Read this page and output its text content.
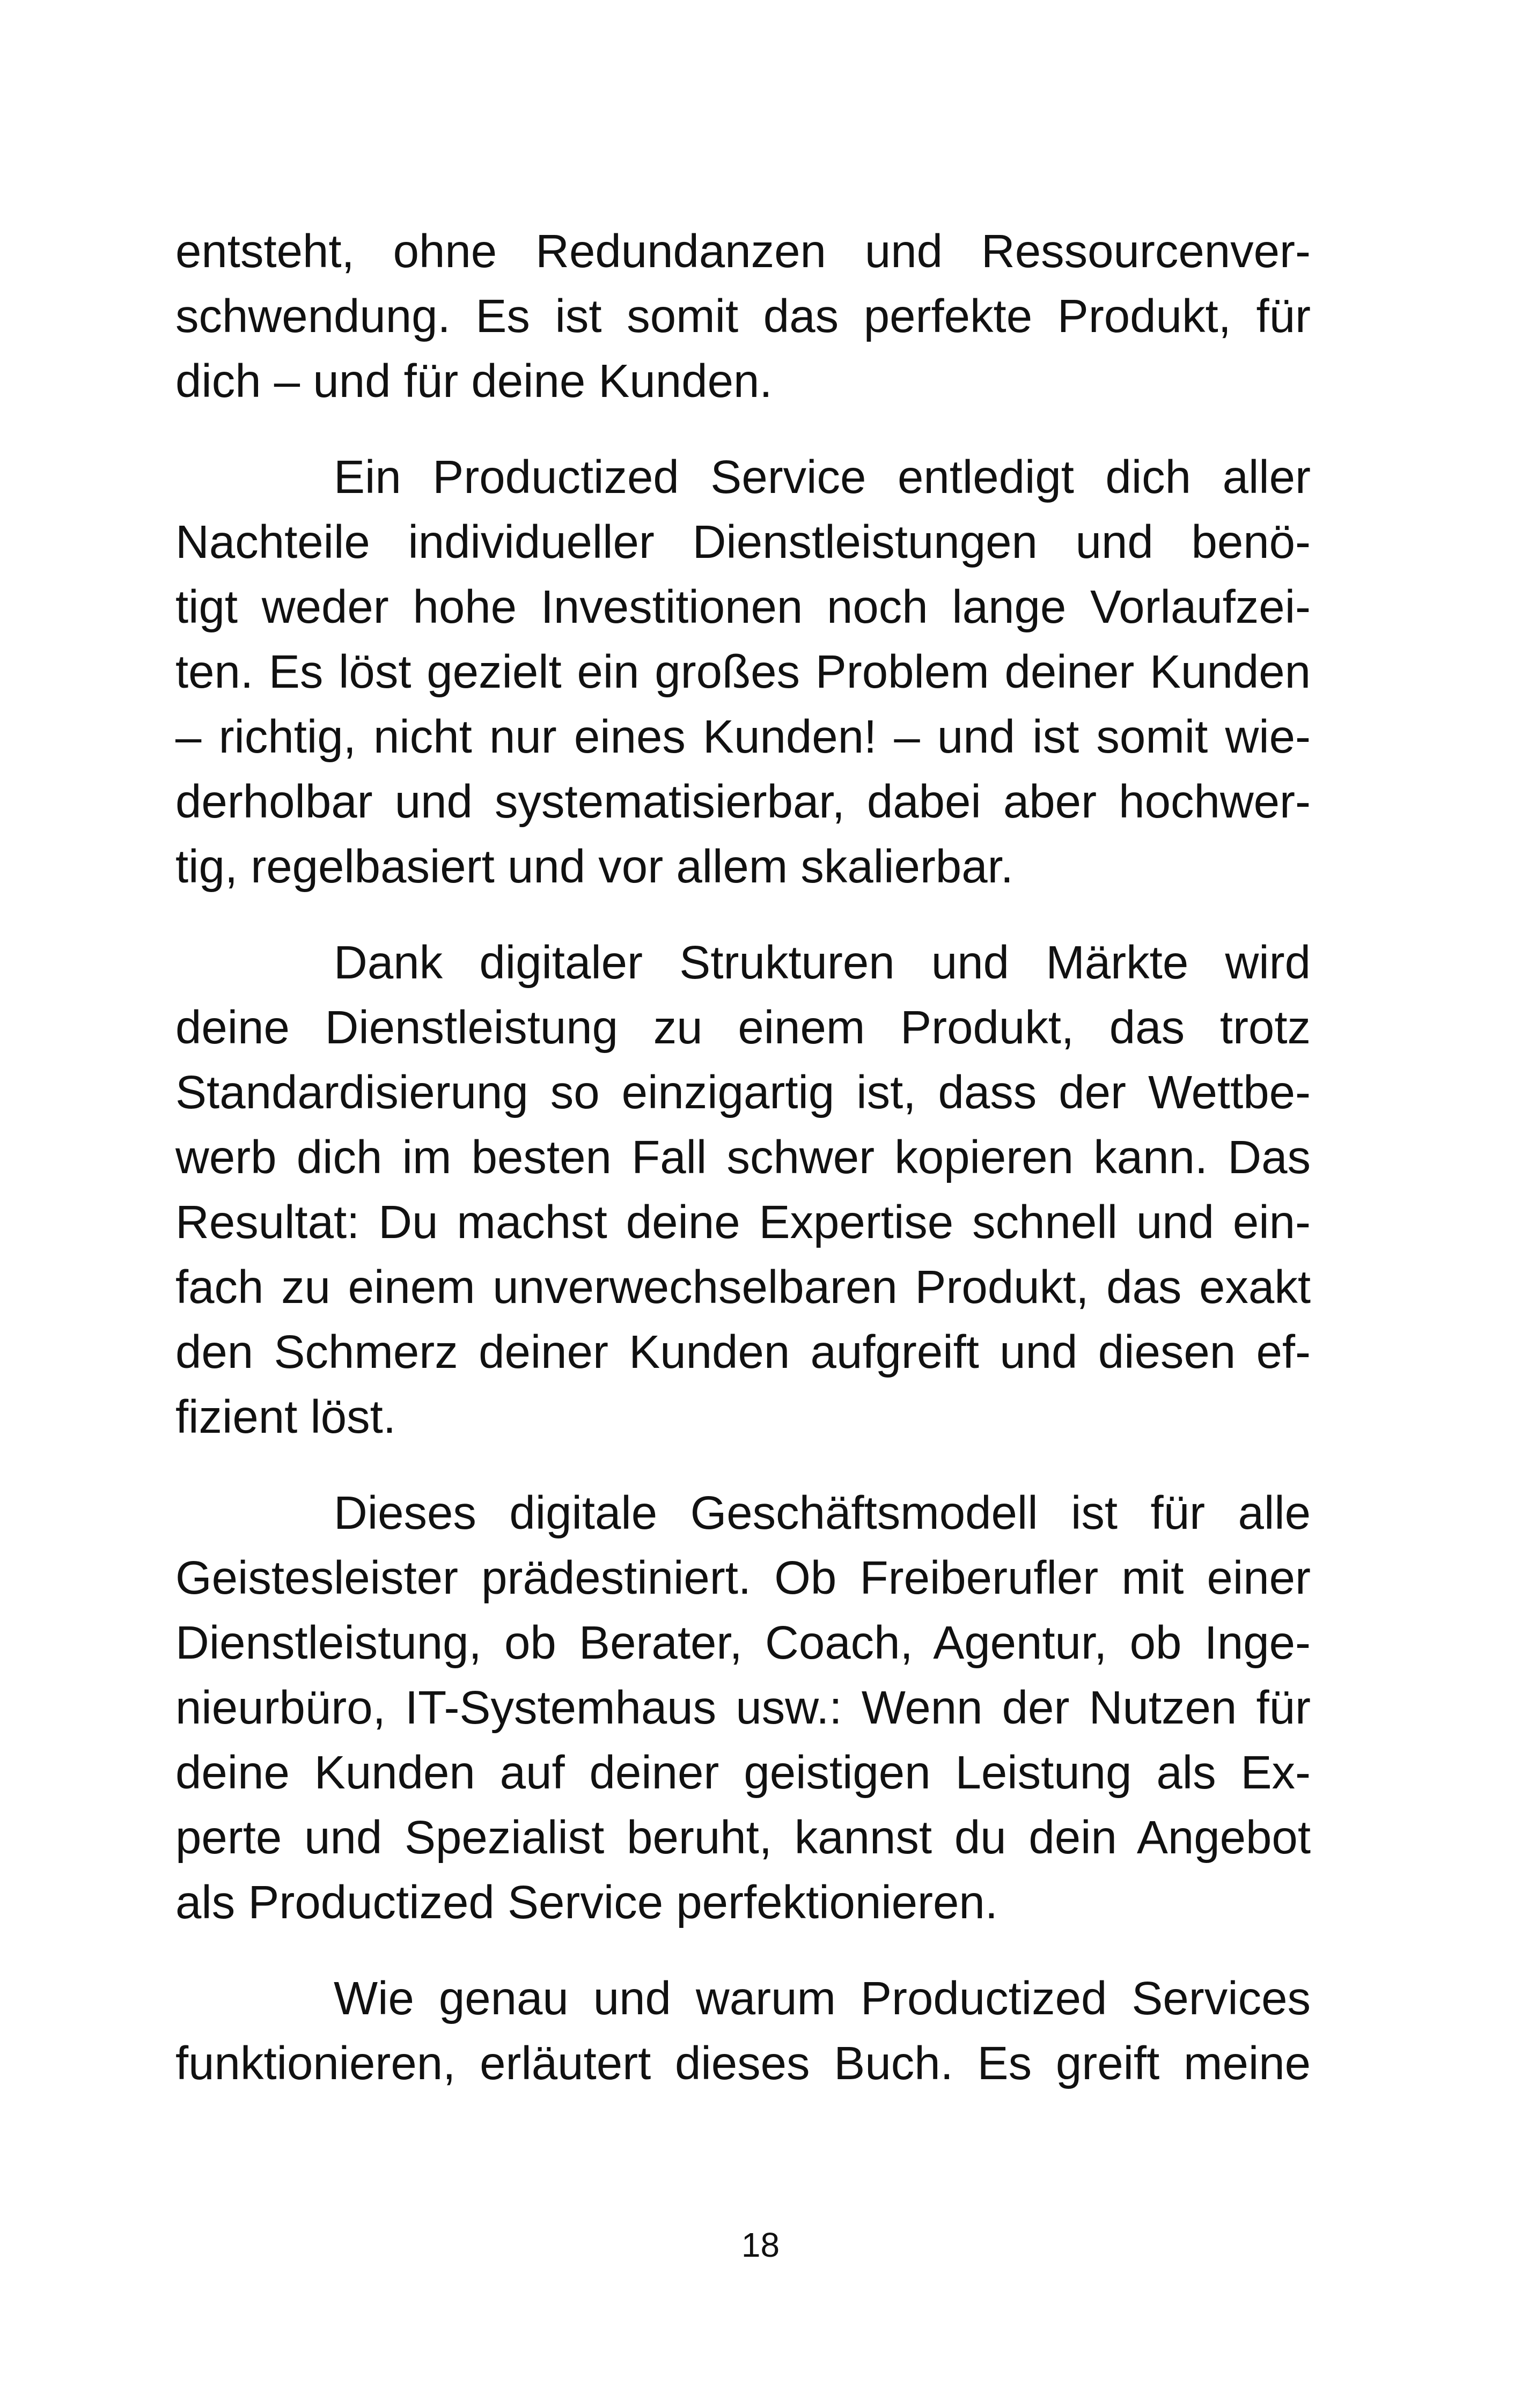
entsteht, ohne Redundanzen und Ressourcenver-
schwendung. Es ist somit das perfekte Produkt, für
dich – und für deine Kunden.
Ein Productized Service entledigt dich aller
Nachteile individueller Dienstleistungen und benö-
tigt weder hohe Investitionen noch lange Vorlaufzei-
ten. Es löst gezielt ein großes Problem deiner Kunden
– richtig, nicht nur eines Kunden! – und ist somit wie-
derholbar und systematisierbar, dabei aber hochwer-
tig, regelbasiert und vor allem skalierbar.
Dank digitaler Strukturen und Märkte wird
deine Dienstleistung zu einem Produkt, das trotz
Standardisierung so einzigartig ist, dass der Wettbe-
werb dich im besten Fall schwer kopieren kann. Das
Resultat: Du machst deine Expertise schnell und ein-
fach zu einem unverwechselbaren Produkt, das exakt
den Schmerz deiner Kunden aufgreift und diesen ef-
fizient löst.
Dieses digitale Geschäftsmodell ist für alle
Geistesleister prädestiniert. Ob Freiberufler mit einer
Dienstleistung, ob Berater, Coach, Agentur, ob Inge-
nieurbüro, IT-Systemhaus usw.: Wenn der Nutzen für
deine Kunden auf deiner geistigen Leistung als Ex-
perte und Spezialist beruht, kannst du dein Angebot
als Productized Service perfektionieren.
Wie genau und warum Productized Services
funktionieren, erläutert dieses Buch. Es greift meine
18
